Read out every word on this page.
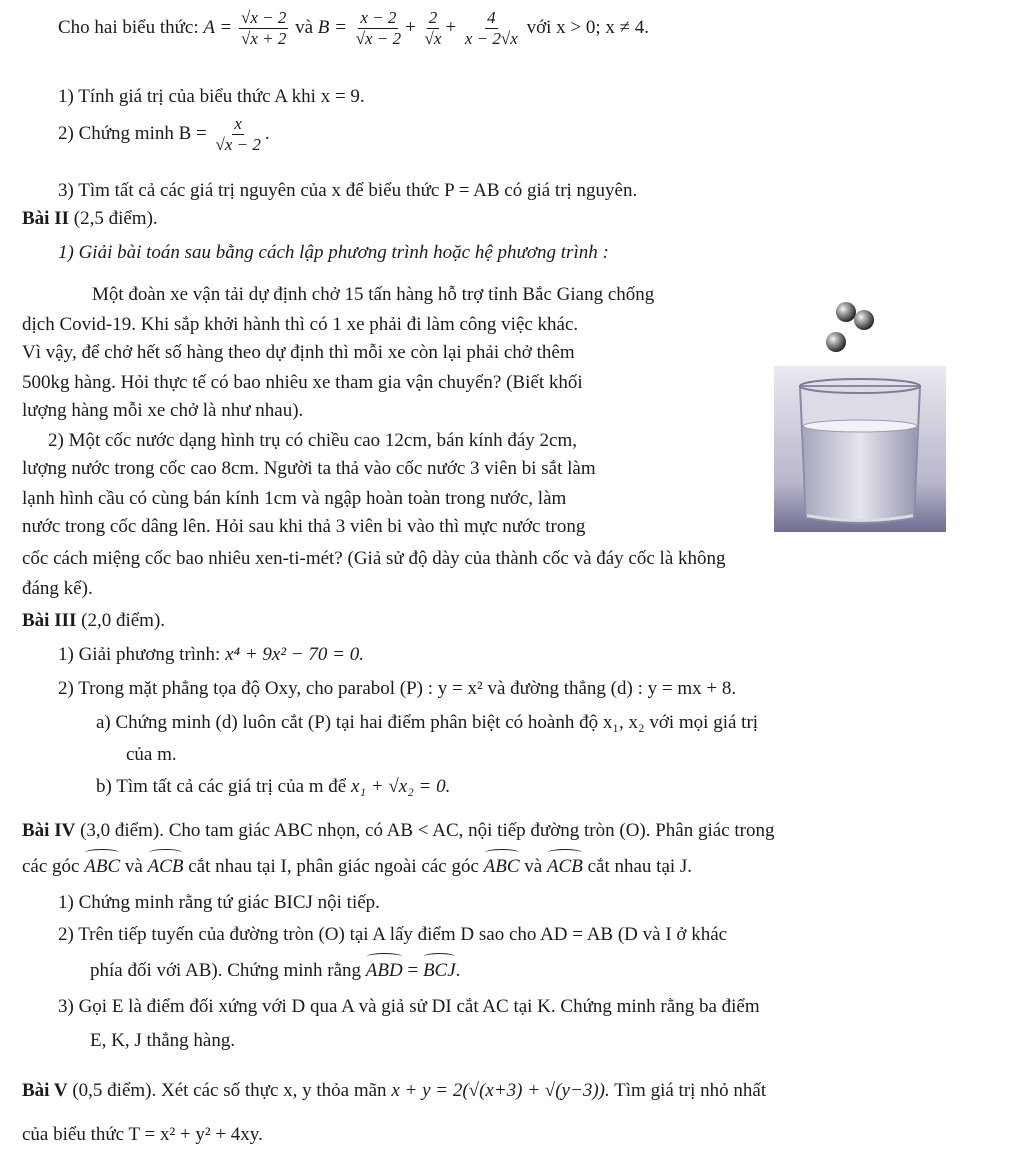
Cho hai biểu thức: $A = \frac{√x - 2}{√x + 2}$ và $B = \frac{x - 2}{√x - 2} + \frac{2}{√x} + \frac{4}{x - 2√x}$ với x > 0; x ≠ 4.
1) Tính giá trị của biểu thức A khi x = 9.
2) Chứng minh $B = \frac{x}{√x - 2}$ .
3) Tìm tất cả các giá trị nguyên của x để biểu thức P = AB có giá trị nguyên.
Bài II (2,5 điểm).
1) Giải bài toán sau bằng cách lập phương trình hoặc hệ phương trình :
Một đoàn xe vận tải dự định chở 15 tấn hàng hỗ trợ tỉnh Bắc Giang chống
dịch Covid-19. Khi sắp khởi hành thì có 1 xe phải đi làm công việc khác.
Vì vậy, để chở hết số hàng theo dự định thì mỗi xe còn lại phải chở thêm
500kg hàng. Hỏi thực tế có bao nhiêu xe tham gia vận chuyển? (Biết khối
lượng hàng mỗi xe chở là như nhau).
2) Một cốc nước dạng hình trụ có chiều cao 12cm, bán kính đáy 2cm,
lượng nước trong cốc cao 8cm. Người ta thả vào cốc nước 3 viên bi sắt làm
lạnh hình cầu có cùng bán kính 1cm và ngập hoàn toàn trong nước, làm
nước trong cốc dâng lên. Hỏi sau khi thả 3 viên bi vào thì mực nước trong
cốc cách miệng cốc bao nhiêu xen-ti-mét? (Giả sử độ dày của thành cốc và đáy cốc là không
đáng kể).
Bài III (2,0 điểm).
1) Giải phương trình: x⁴ + 9x² − 70 = 0.
2) Trong mặt phẳng tọa độ Oxy, cho parabol (P) : y = x² và đường thẳng (d) : y = mx + 8.
a) Chứng minh (d) luôn cắt (P) tại hai điểm phân biệt có hoành độ x₁, x₂ với mọi giá trị
của m.
b) Tìm tất cả các giá trị của m để x₁ + √x₂ = 0.
Bài IV (3,0 điểm). Cho tam giác ABC nhọn, có AB < AC, nội tiếp đường tròn (O). Phân giác trong
các góc ABC và ACB cắt nhau tại I, phân giác ngoài các góc ABC và ACB cắt nhau tại J.
1) Chứng minh rằng tứ giác BICJ nội tiếp.
2) Trên tiếp tuyến của đường tròn (O) tại A lấy điểm D sao cho AD = AB (D và I ở khác
phía đối với AB). Chứng minh rằng ABD = BCJ.
3) Gọi E là điểm đối xứng với D qua A và giả sử DI cắt AC tại K. Chứng minh rằng ba điểm
E, K, J thẳng hàng.
Bài V (0,5 điểm). Xét các số thực x, y thỏa mãn x + y = 2(√(x+3) + √(y−3)). Tìm giá trị nhỏ nhất
của biểu thức T = x² + y² + 4xy.
